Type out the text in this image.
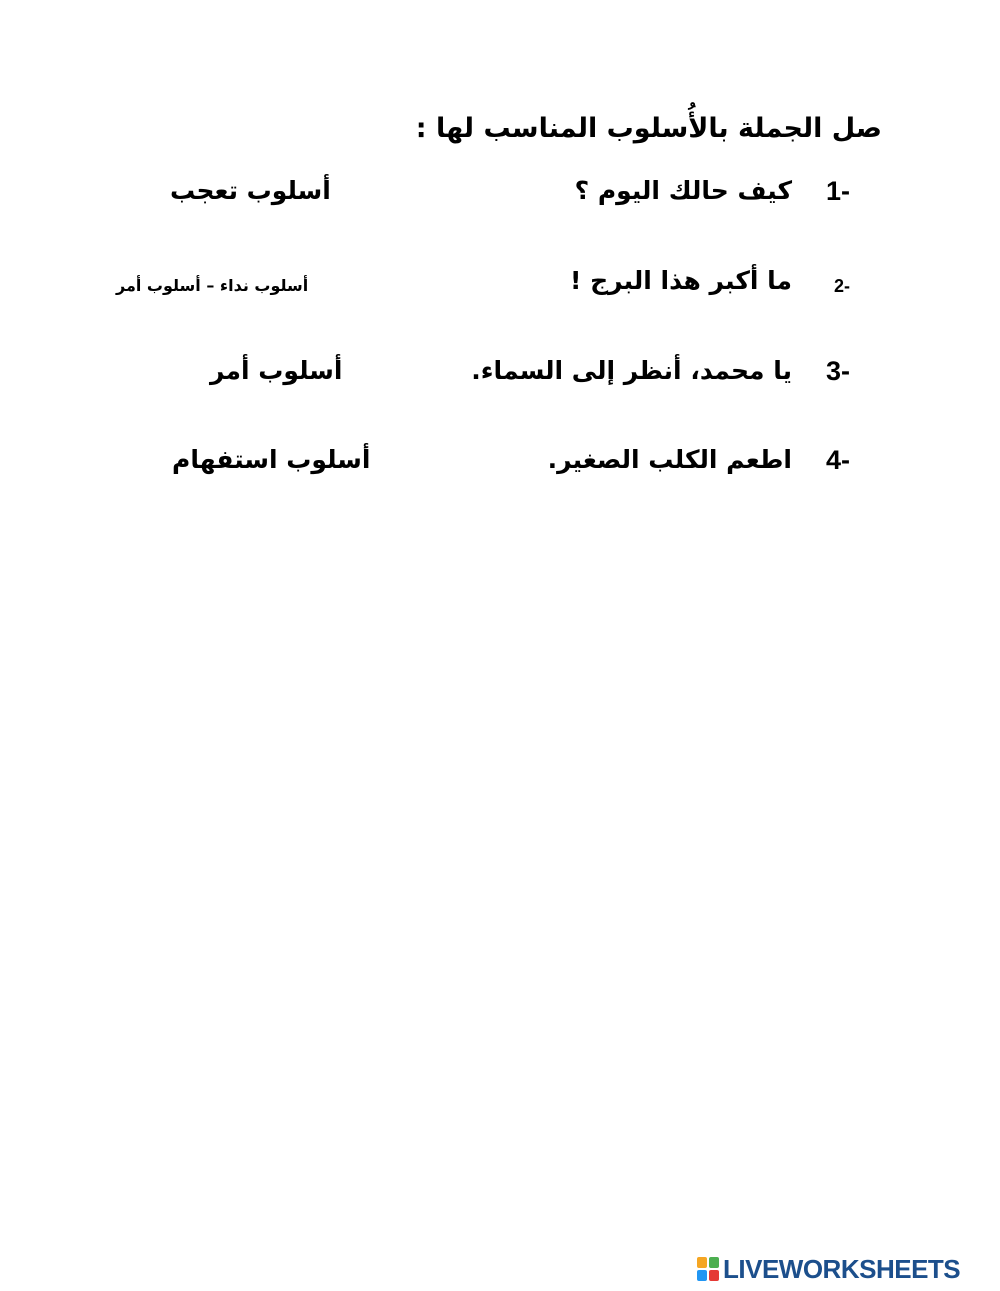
صل الجملة بالأُسلوب المناسب لها :
1-
كيف حالك اليوم ؟
أسلوب تعجب
2-
ما أكبر هذا البرج !
أسلوب نداء – أسلوب أمر
3-
يا محمد، أنظر إلى السماء.
أسلوب أمر
4-
اطعم الكلب الصغير.
أسلوب استفهام
LIVEWORKSHEETS
